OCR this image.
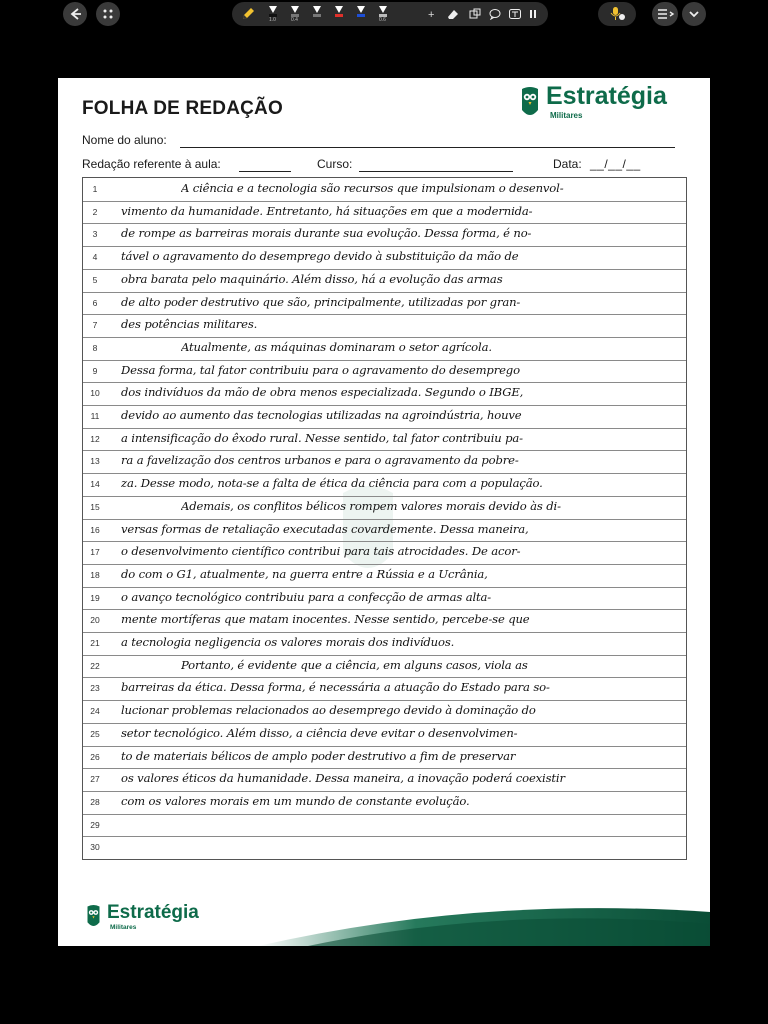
1.0	0.4	0.6	+
FOLHA DE REDAÇÃO	Estratégia
Militares
Nome do aluno:
Redação referente à aula:	Curso:	Data: __/__/__
1	A ciência e a tecnologia são recursos que impulsionam o desenvol-
2	vimento da humanidade. Entretanto, há situações em que a modernida-
3	de rompe as barreiras morais durante sua evolução. Dessa forma, é no-
4	tável o agravamento do desemprego devido à substituição da mão de
5	obra barata pelo maquinário. Além disso, há a evolução das armas
6	de alto poder destrutivo que são, principalmente, utilizadas por gran-
7	des potências militares.
8	Atualmente, as máquinas dominaram o setor agrícola.
9	Dessa forma, tal fator contribuiu para o agravamento do desemprego
10 dos indivíduos da mão de obra menos especializada. Segundo o IBGE,
11 devido ao aumento das tecnologias utilizadas na agroindústria, houve
12 a intensificação do êxodo rural. Nesse sentido, tal fator contribuiu pa-
13 ra a favelização dos centros urbanos e para o agravamento da pobre-
14 za. Desse modo, nota-se a falta de ética da ciência para com a população.
15	Ademais, os conflitos bélicos rompem valores morais devido às di-
16 versas formas de retaliação executadas covardemente. Dessa maneira,
17 o desenvolvimento científico contribui para tais atrocidades. De acor-
18 do com o G1, atualmente, na guerra entre a Rússia e a Ucrânia,
19 o avanço tecnológico contribuiu para a confecção de armas alta-
20 mente mortíferas que matam inocentes. Nesse sentido, percebe-se que
21 a tecnologia negligencia os valores morais dos indivíduos.
22	Portanto, é evidente que a ciência, em alguns casos, viola as
23 barreiras da ética. Dessa forma, é necessária a atuação do Estado para so-
24 lucionar problemas relacionados ao desemprego devido à dominação do
25 setor tecnológico. Além disso, a ciência deve evitar o desenvolvimen-
26 to de materiais bélicos de amplo poder destrutivo a fim de preservar
27 os valores éticos da humanidade. Dessa maneira, a inovação poderá coexistir
28 com os valores morais em um mundo de constante evolução.
29
30
Estratégia
Militares
